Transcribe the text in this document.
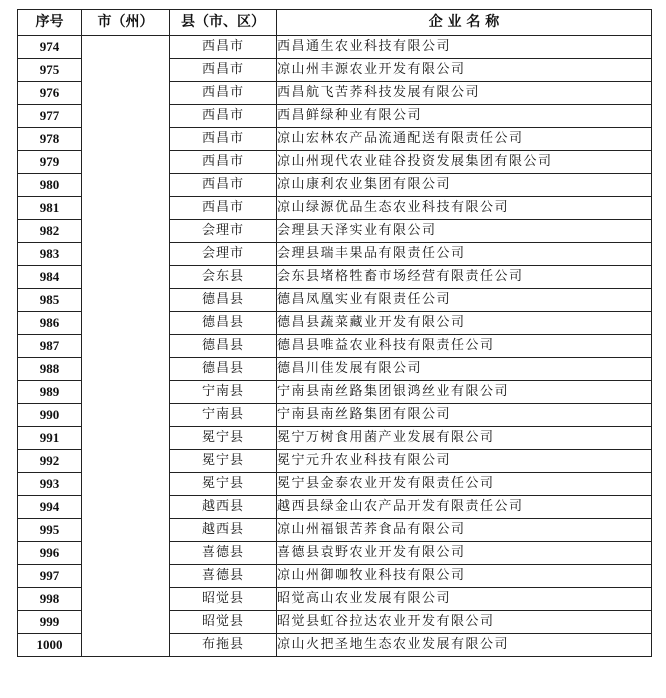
序号	市（州）	县（市、区）	企 业 名 称
974		西昌市	西昌通生农业科技有限公司
975		西昌市	凉山州丰源农业开发有限公司
976		西昌市	西昌航飞苦荞科技发展有限公司
977		西昌市	西昌鲜绿种业有限公司
978		西昌市	凉山宏林农产品流通配送有限责任公司
979		西昌市	凉山州现代农业硅谷投资发展集团有限公司
980		西昌市	凉山康利农业集团有限公司
981		西昌市	凉山绿源优品生态农业科技有限公司
982		会理市	会理县天泽实业有限公司
983		会理市	会理县瑞丰果品有限责任公司
984		会东县	会东县堵格牲畜市场经营有限责任公司
985		德昌县	德昌凤凰实业有限责任公司
986		德昌县	德昌县蔬菜藏业开发有限公司
987		德昌县	德昌县唯益农业科技有限责任公司
988		德昌县	德昌川佳发展有限公司
989		宁南县	宁南县南丝路集团银鸿丝业有限公司
990		宁南县	宁南县南丝路集团有限公司
991		冕宁县	冕宁万树食用菌产业发展有限公司
992		冕宁县	冕宁元升农业科技有限公司
993		冕宁县	冕宁县金泰农业开发有限责任公司
994		越西县	越西县绿金山农产品开发有限责任公司
995		越西县	凉山州福银苦荞食品有限公司
996		喜德县	喜德县袁野农业开发有限公司
997		喜德县	凉山州御咖牧业科技有限公司
998		昭觉县	昭觉高山农业发展有限公司
999		昭觉县	昭觉县虹谷拉达农业开发有限公司
1000		布拖县	凉山火把圣地生态农业发展有限公司
